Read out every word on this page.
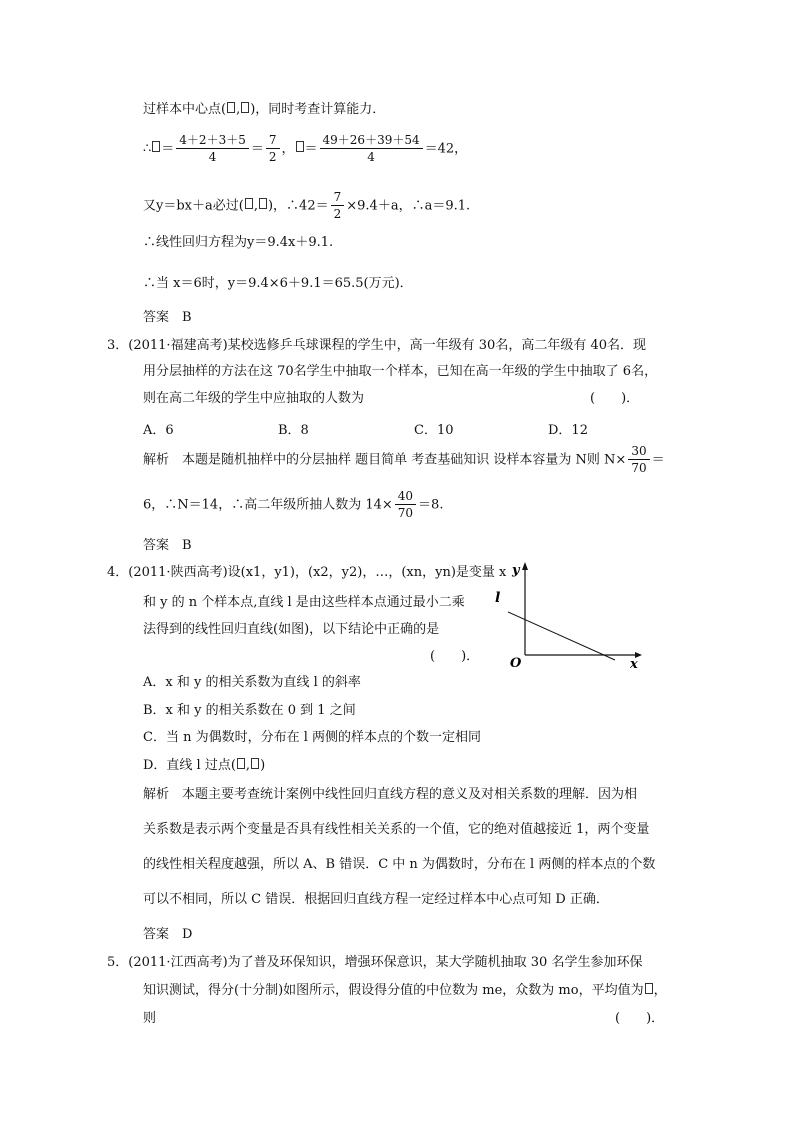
过样本中心点( , )，同时考查计算能力．
∴ ＝ $\frac{4+2+3+5}{4} = \frac{7}{2}$ ， ＝ $\frac{49+26+39+54}{4} =42$，
又y＝bx＋a必过( , )，∴42＝ $\frac{7}{2} \times 9.4+a$，∴a＝9.1.
∴线性回归方程为y＝9.4x＋9.1.
∴当 x＝6时，y＝9.4×6＋9.1＝65.5(万元)．
答案　B
3．(2011·福建高考)某校选修乒乓球课程的学生中，高一年级有 30名，高二年级有 40名．现
用分层抽样的方法在这 70名学生中抽取一个样本，已知在高一年级的学生中抽取了 6名，
则在高二年级的学生中应抽取的人数为	(　　)．
A．6	B．8	C．10	D．12
解析　本题是随机抽样中的分层抽样 题目简单 考查基础知识 设样本容量为 N则 $N\times \frac{30}{70}$ ＝
6，∴N＝14，∴高二年级所抽人数为 $14\times \frac{40}{70} =8$.
答案　B
4．(2011·陕西高考)设(x1，y1)，(x2，y2)，…，(xn，yn)是变量 x
和 y 的 n 个样本点,直线 l 是由这些样本点通过最小二乘
法得到的线性回归直线(如图)，以下结论中正确的是
(　　)．
y
l
O	x
A．x 和 y 的相关系数为直线 l 的斜率
B．x 和 y 的相关系数在 0 到 1 之间
C．当 n 为偶数时，分布在 l 两侧的样本点的个数一定相同
D．直线 l 过点( , )
解析　本题主要考查统计案例中线性回归直线方程的意义及对相关系数的理解．因为相
关系数是表示两个变量是否具有线性相关关系的一个值，它的绝对值越接近 1，两个变量
的线性相关程度越强，所以 A、B 错误．C 中 n 为偶数时，分布在 l 两侧的样本点的个数
可以不相同，所以 C 错误．根据回归直线方程一定经过样本中心点可知 D 正确．
答案　D
5．(2011·江西高考)为了普及环保知识，增强环保意识，某大学随机抽取 30 名学生参加环保
知识测试，得分(十分制)如图所示，假设得分值的中位数为 me，众数为 mo，平均值为 ，
则	(　　)．
